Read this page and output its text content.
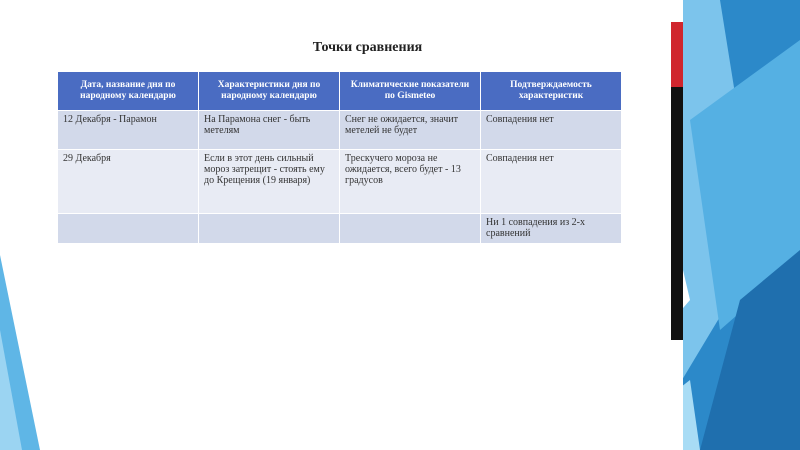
Точки сравнения
Дата, название дня по народному календарю	Характеристики дня по народному календарю	Климатические показатели по Gismeteo	Подтверждаемость характеристик
12 Декабря - Парамон	На Парамона снег - быть метелям	Снег не ожидается, значит метелей не будет	Совпадения нет
29 Декабря	Если в этот день сильный мороз затрещит - стоять ему до Крещения (19 января)	Трескучего мороза не ожидается, всего будет - 13 градусов	Совпадения нет
			Ни 1 совпадения из 2-х сравнений
